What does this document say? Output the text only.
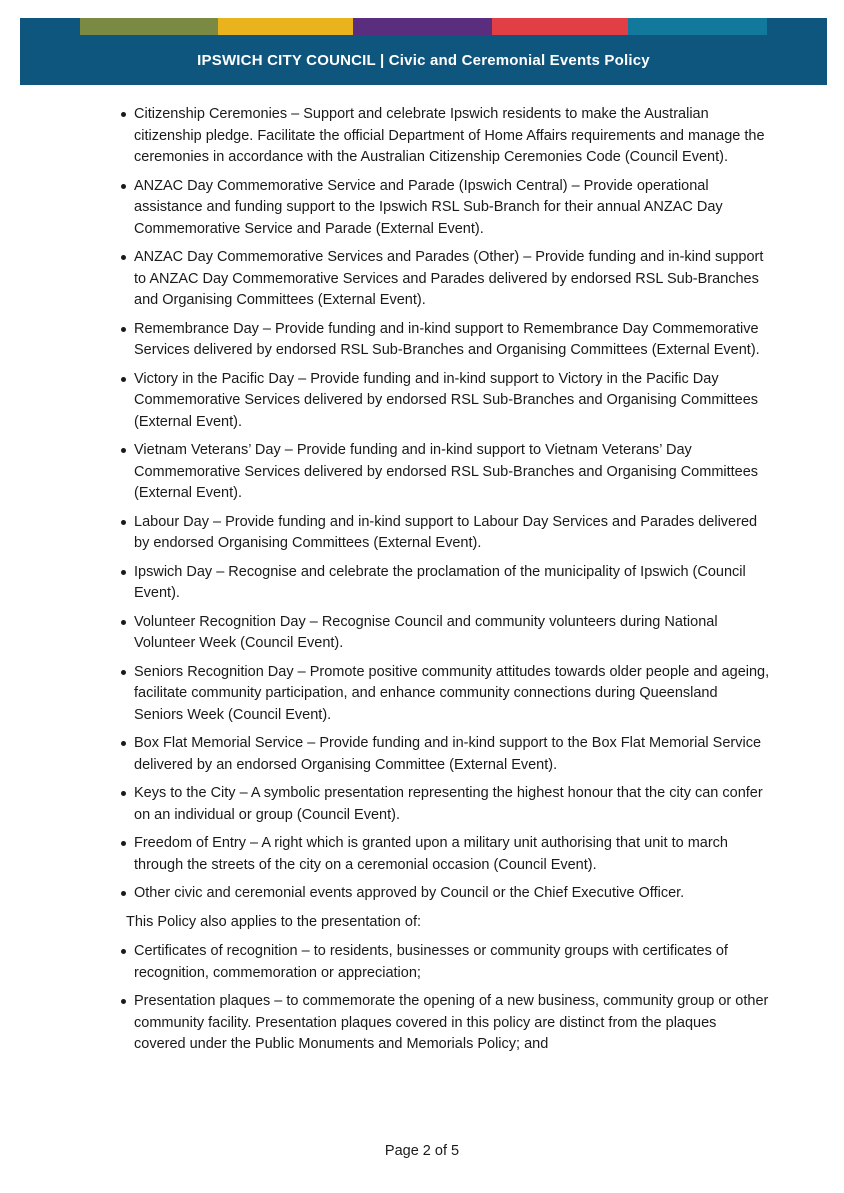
IPSWICH CITY COUNCIL | Civic and Ceremonial Events Policy
Citizenship Ceremonies – Support and celebrate Ipswich residents to make the Australian citizenship pledge. Facilitate the official Department of Home Affairs requirements and manage the ceremonies in accordance with the Australian Citizenship Ceremonies Code (Council Event).
ANZAC Day Commemorative Service and Parade (Ipswich Central) – Provide operational assistance and funding support to the Ipswich RSL Sub-Branch for their annual ANZAC Day Commemorative Service and Parade (External Event).
ANZAC Day Commemorative Services and Parades (Other) – Provide funding and in-kind support to ANZAC Day Commemorative Services and Parades delivered by endorsed RSL Sub-Branches and Organising Committees (External Event).
Remembrance Day – Provide funding and in-kind support to Remembrance Day Commemorative Services delivered by endorsed RSL Sub-Branches and Organising Committees (External Event).
Victory in the Pacific Day – Provide funding and in-kind support to Victory in the Pacific Day Commemorative Services delivered by endorsed RSL Sub-Branches and Organising Committees (External Event).
Vietnam Veterans’ Day – Provide funding and in-kind support to Vietnam Veterans’ Day Commemorative Services delivered by endorsed RSL Sub-Branches and Organising Committees (External Event).
Labour Day – Provide funding and in-kind support to Labour Day Services and Parades delivered by endorsed Organising Committees (External Event).
Ipswich Day – Recognise and celebrate the proclamation of the municipality of Ipswich (Council Event).
Volunteer Recognition Day – Recognise Council and community volunteers during National Volunteer Week (Council Event).
Seniors Recognition Day – Promote positive community attitudes towards older people and ageing, facilitate community participation, and enhance community connections during Queensland Seniors Week (Council Event).
Box Flat Memorial Service – Provide funding and in-kind support to the Box Flat Memorial Service delivered by an endorsed Organising Committee (External Event).
Keys to the City – A symbolic presentation representing the highest honour that the city can confer on an individual or group (Council Event).
Freedom of Entry – A right which is granted upon a military unit authorising that unit to march through the streets of the city on a ceremonial occasion (Council Event).
Other civic and ceremonial events approved by Council or the Chief Executive Officer.

This Policy also applies to the presentation of:

Certificates of recognition – to residents, businesses or community groups with certificates of recognition, commemoration or appreciation;
Presentation plaques – to commemorate the opening of a new business, community group or other community facility. Presentation plaques covered in this policy are distinct from the plaques covered under the Public Monuments and Memorials Policy; and
Page 2 of 5
